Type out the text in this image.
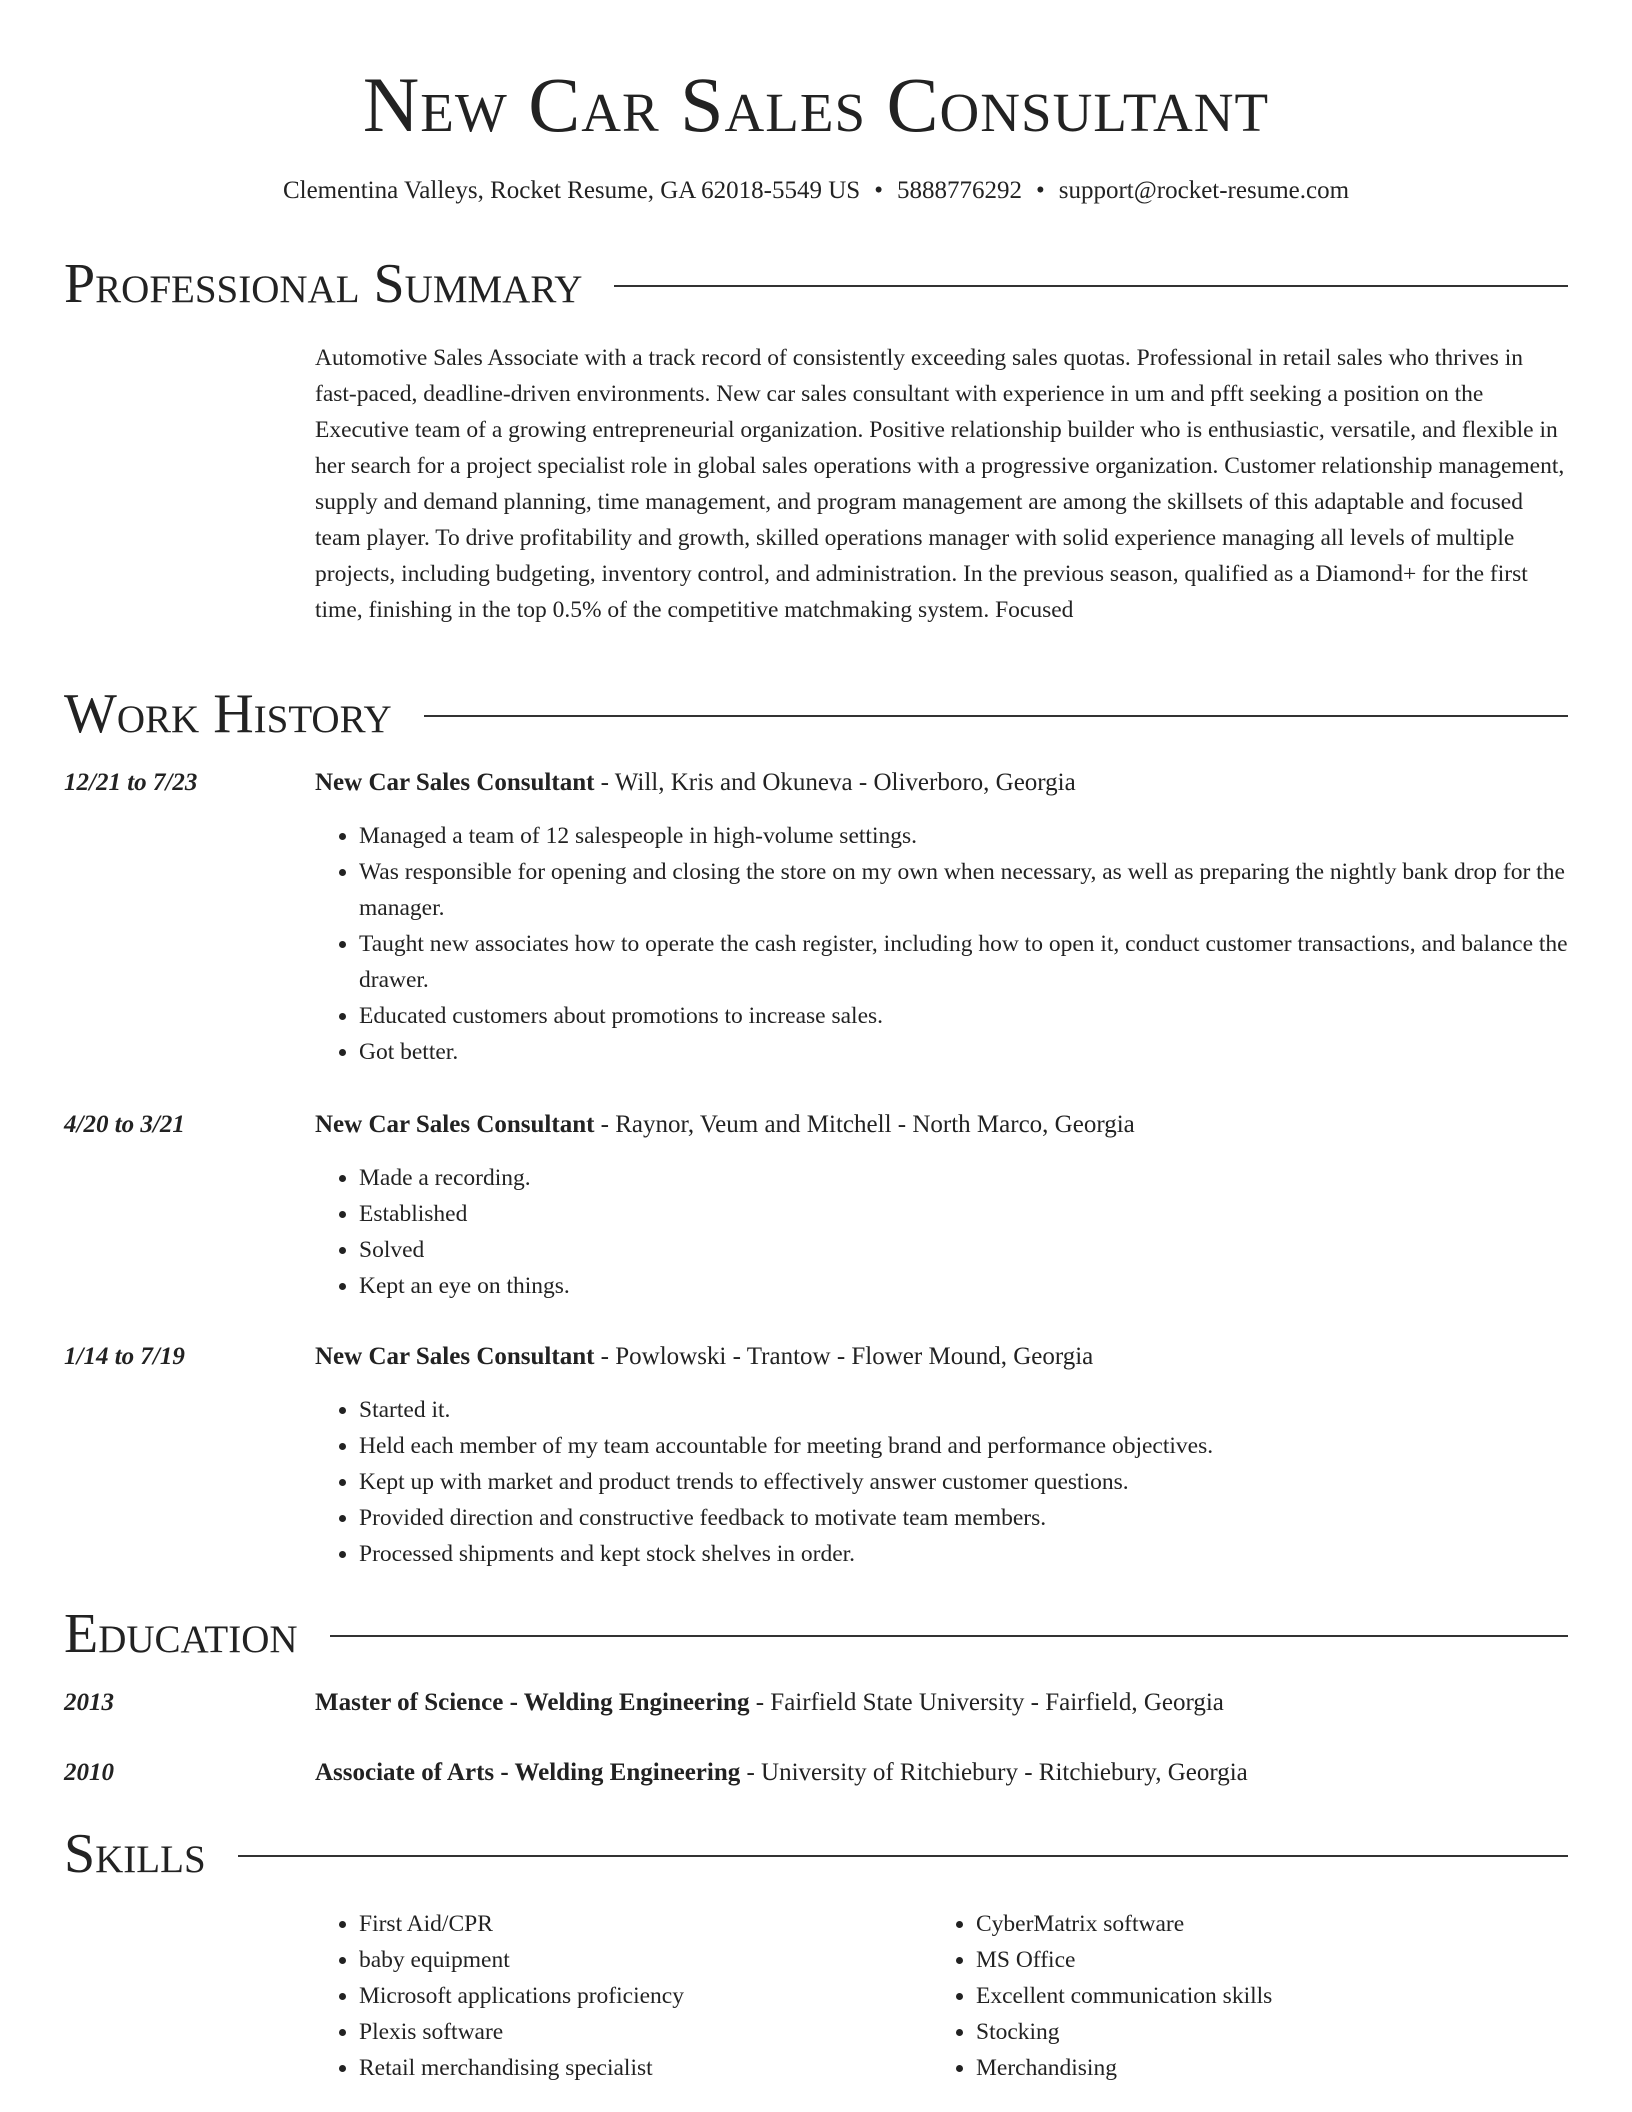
New Car Sales Consultant
Clementina Valleys, Rocket Resume, GA 62018-5549 US • 5888776292 • support@rocket-resume.com
Professional Summary
Automotive Sales Associate with a track record of consistently exceeding sales quotas. Professional in retail sales who thrives in fast-paced, deadline-driven environments. New car sales consultant with experience in um and pfft seeking a position on the Executive team of a growing entrepreneurial organization. Positive relationship builder who is enthusiastic, versatile, and flexible in her search for a project specialist role in global sales operations with a progressive organization. Customer relationship management, supply and demand planning, time management, and program management are among the skillsets of this adaptable and focused team player. To drive profitability and growth, skilled operations manager with solid experience managing all levels of multiple projects, including budgeting, inventory control, and administration. In the previous season, qualified as a Diamond+ for the first time, finishing in the top 0.5% of the competitive matchmaking system. Focused
Work History
12/21 to 7/23	New Car Sales Consultant - Will, Kris and Okuneva - Oliverboro, Georgia
• Managed a team of 12 salespeople in high-volume settings.
• Was responsible for opening and closing the store on my own when necessary, as well as preparing the nightly bank drop for the manager.
• Taught new associates how to operate the cash register, including how to open it, conduct customer transactions, and balance the drawer.
• Educated customers about promotions to increase sales.
• Got better.
4/20 to 3/21	New Car Sales Consultant - Raynor, Veum and Mitchell - North Marco, Georgia
• Made a recording.
• Established
• Solved
• Kept an eye on things.
1/14 to 7/19	New Car Sales Consultant - Powlowski - Trantow - Flower Mound, Georgia
• Started it.
• Held each member of my team accountable for meeting brand and performance objectives.
• Kept up with market and product trends to effectively answer customer questions.
• Provided direction and constructive feedback to motivate team members.
• Processed shipments and kept stock shelves in order.
Education
2013	Master of Science - Welding Engineering - Fairfield State University - Fairfield, Georgia
2010	Associate of Arts - Welding Engineering - University of Ritchiebury - Ritchiebury, Georgia
Skills
• First Aid/CPR
• baby equipment
• Microsoft applications proficiency
• Plexis software
• Retail merchandising specialist
• CyberMatrix software
• MS Office
• Excellent communication skills
• Stocking
• Merchandising
